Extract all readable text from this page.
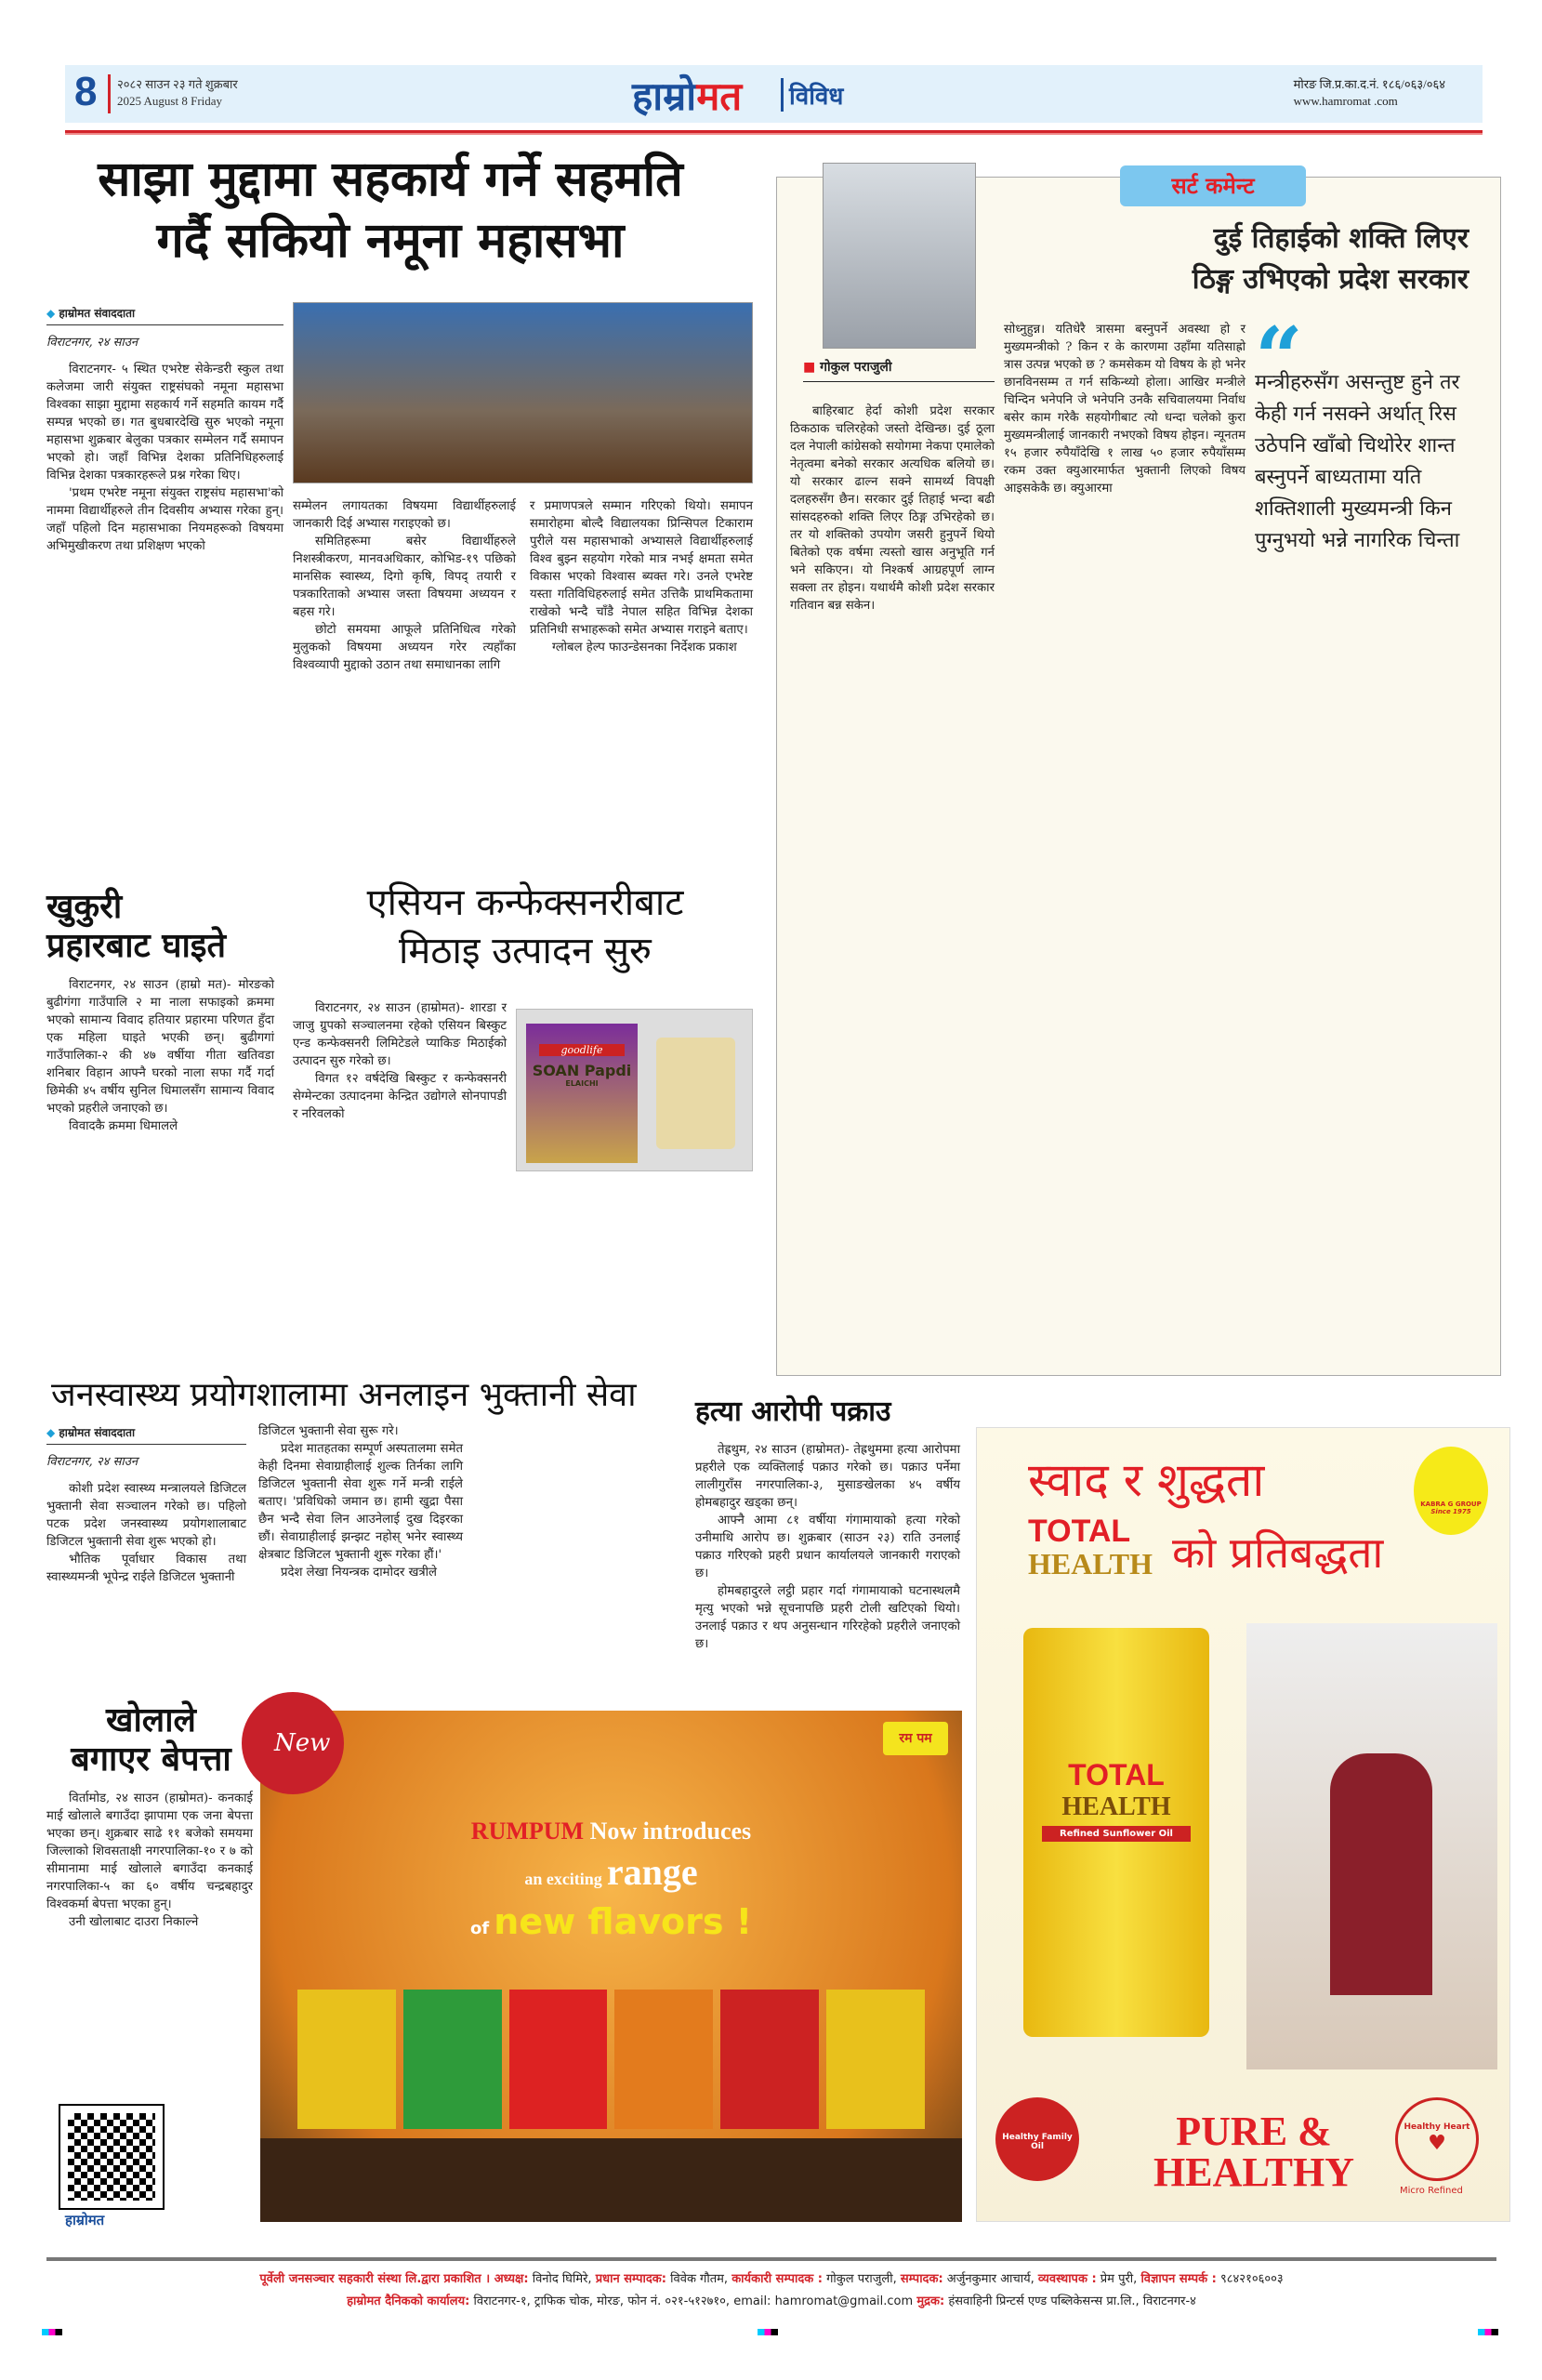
8 २०८२ साउन २३ गते शुक्रबार
2025 August 8 Friday	हाम्रोमत	विविध	मोरङ जि.प्र.का.द.नं. १८६/०६३/०६४
www.hamromat .com
साझा मुद्दामा सहकार्य गर्ने सहमति
गर्दै सकियो नमूना महासभा
◆ हाम्रोमत संवाददाता
विराटनगर, २४ साउन

विराटनगर- ५ स्थित एभरेष्ट सेकेन्डरी स्कुल तथा कलेजमा जारी संयुक्त राष्ट्रसंघको नमूना महासभा विश्वका साझा मुद्दामा सहकार्य गर्ने सहमति कायम गर्दै सम्पन्न भएको छ। गत बुधबारदेखि सुरु भएको नमूना महासभा शुक्रबार बेलुका पत्रकार सम्मेलन गर्दै समापन भएको हो। जहाँ विभिन्न देशका प्रतिनिधिहरुलाई विभिन्न देशका पत्रकारहरूले प्रश्न गरेका थिए।

'प्रथम एभरेष्ट नमूना संयुक्त राष्ट्रसंघ महासभा'को नाममा विद्यार्थीहरुले तीन दिवसीय अभ्यास गरेका हुन्। जहाँ पहिलो दिन महासभाका नियमहरूको विषयमा अभिमुखीकरण तथा प्रशिक्षण भएको

सम्मेलन लगायतका विषयमा विद्यार्थीहरुलाई जानकारी दिई अभ्यास गराइएको छ।

समितिहरूमा बसेर विद्यार्थीहरुले निशस्त्रीकरण, मानवअधिकार, कोभिड-१९ पछिको मानसिक स्वास्थ्य, दिगो कृषि, विपद् तयारी र पत्रकारिताको अभ्यास जस्ता विषयमा अध्ययन र बहस गरे।

छोटो समयमा आफूले प्रतिनिधित्व गरेको मुलुकको विषयमा अध्ययन गरेर त्यहाँका विश्वव्यापी मुद्दाको उठान तथा समाधानका लागि

र प्रमाणपत्रले सम्मान गरिएको थियो। समापन समारोहमा बोल्दै विद्यालयका प्रिन्सिपल टिकाराम पुरीले यस महासभाको अभ्यासले विद्यार्थीहरुलाई विश्व बुझ्न सहयोग गरेको मात्र नभई क्षमता समेत विकास भएको विश्वास ब्यक्त गरे। उनले एभरेष्ट यस्ता गतिविधिहरुलाई समेत उत्तिकै प्राथमिकतामा राखेको भन्दै चाँडै नेपाल सहित विभिन्न देशका प्रतिनिधी सभाहरूको समेत अभ्यास गराइने बताए।

ग्लोबल हेल्प फाउन्डेसनका निर्देशक प्रकाश

खुकुरी
प्रहारबाट घाइते

विराटनगर, २४ साउन (हाम्रो मत)- मोरङको बुढीगंगा गाउँपालि २ मा नाला सफाइको क्रममा भएको सामान्य विवाद हतियार प्रहारमा परिणत हुँदा एक महिला घाइते भएकी छन्। बुढीगगां गाउँपालिका-२ की ४७ वर्षीया गीता खतिवडा शनिबार विहान आफ्नै घरको नाला सफा गर्दै गर्दा छिमेकी ४५ वर्षीय सुनिल धिमालसँग सामान्य विवाद भएको प्रहरीले जनाएको छ।

विवादकै क्रममा धिमालले

एसियन कन्फेक्सनरीबाट
मिठाइ उत्पादन सुरु

विराटनगर, २४ साउन (हाम्रोमत)- शारडा र जाजु ग्रुपको सञ्चालनमा रहेको एसियन बिस्कुट एन्ड कन्फेक्सनरी लिमिटेडले प्याकिङ मिठाईको उत्पादन सुरु गरेको छ।

विगत १२ वर्षदेखि बिस्कुट र कन्फेक्सनरी सेग्मेन्टका उत्पादनमा केन्द्रित उद्योगले सोनपापडी र नरिवलको

goodlife
SOAN Papdi
ELAICHI
सर्ट कमेन्ट
दुई तिहाईको शक्ति लिएर
ठिङ्ग उभिएको प्रदेश सरकार
■ गोकुल पराजुली

बाहिरबाट हेर्दा कोशी प्रदेश सरकार ठिकठाक चलिरहेको जस्तो देखिन्छ। दुई ठूला दल नेपाली कांग्रेसको सयोगमा नेकपा एमालेको नेतृत्वमा बनेको सरकार अत्यधिक बलियो छ। यो सरकार ढाल्न सक्ने सामर्थ्य विपक्षी दलहरुसँग छैन। सरकार दुई तिहाई भन्दा बढी सांसदहरुको शक्ति लिएर ठिङ्ग उभिरहेको छ। तर यो शक्तिको उपयोग जसरी हुनुपर्ने थियो बितेको एक वर्षमा त्यस्तो खास अनुभूति गर्न भने सकिएन। यो निश्कर्ष आग्रहपूर्ण लाग्न सक्ला तर होइन। यथार्थमै कोशी प्रदेश सरकार गतिवान बन्न सकेन।

सोध्नुहुन्न। यतिधेरै त्रासमा बस्नुपर्ने अवस्था हो र मुख्यमन्त्रीको ? किन र के कारणमा उहाँमा यतिसाह्रो त्रास उत्पन्न भएको छ ? कमसेकम यो विषय के हो भनेर छानविनसम्म त गर्न सकिन्थ्यो होला। आखिर मन्त्रीले चिन्दिन भनेपनि जे भनेपनि उनकै सचिवालयमा निर्वाध बसेर काम गरेकै सहयोगीबाट त्यो धन्दा चलेको कुरा मुख्यमन्त्रीलाई जानकारी नभएको विषय होइन। न्यूनतम १५ हजार रुपैयाँदेखि १ लाख ५० हजार रुपैयाँसम्म रकम उक्त क्युआरमार्फत भुक्तानी लिएको विषय आइसकेकै छ। क्युआरमा

“
मन्त्रीहरुसँग असन्तुष्ट हुने तर केही गर्न नसक्ने अर्थात् रिस उठेपनि खाँबो चिथोरेर शान्त बस्नुपर्ने बाध्यतामा यति शक्तिशाली मुख्यमन्त्री किन पुग्नुभयो भन्ने नागरिक चिन्ता
जनस्वास्थ्य प्रयोगशालामा अनलाइन भुक्तानी सेवा
◆ हाम्रोमत संवाददाता
विराटनगर, २४ साउन

कोशी प्रदेश स्वास्थ्य मन्त्रालयले डिजिटल भुक्तानी सेवा सञ्चालन गरेको छ। पहिलो पटक प्रदेश जनस्वास्थ्य प्रयोगशालाबाट डिजिटल भुक्तानी सेवा शुरू भएको हो।

भौतिक पूर्वाधार विकास तथा स्वास्थ्यमन्त्री भूपेन्द्र राईले डिजिटल भुक्तानी

डिजिटल भुक्तानी सेवा सुरू गरे।

प्रदेश मातहतका सम्पूर्ण अस्पतालमा समेत केही दिनमा सेवाग्राहीलाई शुल्क तिर्नका लागि डिजिटल भुक्तानी सेवा शुरू गर्ने मन्त्री राईले बताए। 'प्रविधिको जमान छ। हामी खुद्रा पैसा छैन भन्दै सेवा लिन आउनेलाई दुख दिइरका छौं। सेवाग्राहीलाई झन्झट नहोस् भनेर स्वास्थ्य क्षेत्रबाट डिजिटल भुक्तानी शुरू गरेका हौं।'

प्रदेश लेखा नियन्त्रक दामोदर खत्रीले

हत्या आरोपी पक्राउ

तेह्रथुम, २४ साउन (हाम्रोमत)- तेह्रथुममा हत्या आरोपमा प्रहरीले एक व्यक्तिलाई पक्राउ गरेको छ। पक्राउ पर्नेमा लालीगुराँस नगरपालिका-३, मुसाङखेलका ४५ वर्षीय होमबहादुर खड्का छन्।

आफ्नै आमा ८१ वर्षीया गंगामायाको हत्या गरेको उनीमाथि आरोप छ। शुक्रबार (साउन २३) राति उनलाई पक्राउ गरिएको प्रहरी प्रधान कार्यालयले जानकारी गराएको छ।

होमबहादुरले लट्ठी प्रहार गर्दा गंगामायाको घटनास्थलमै मृत्यु भएको भन्ने सूचनापछि प्रहरी टोली खटिएको थियो। उनलाई पक्राउ र थप अनुसन्धान गरिरहेको प्रहरीले जनाएको छ।

खोलाले
बगाएर बेपत्ता

विर्तामोड, २४ साउन (हाम्रोमत)- कनकाई माई खोलाले बगाउँदा झापामा एक जना बेपत्ता भएका छन्। शुक्रबार साढे ११ बजेको समयमा जिल्लाको शिवसताक्षी नगरपालिका-१० र ७ को सीमानामा माई खोलाले बगाउँदा कनकाई नगरपालिका-५ का ६० वर्षीय चन्द्रबहादुर विश्वकर्मा बेपत्ता भएका हुन्।

उनी खोलाबाट दाउरा निकाल्ने

हाम्रोमत
New	रम पम
RUMPUM Now introduces
an exciting range
of new flavors !
स्वाद र शुद्धता
TOTAL
HEALTH को प्रतिबद्धता
KABRA G GROUP
Since 1975
TOTAL
HEALTH
Refined Sunflower Oil
Healthy Family Oil	PURE &
HEALTHY
Healthy Heart
♥
Micro Refined
पूर्वेली जनसञ्चार सहकारी संस्था लि.द्वारा प्रकाशित । अध्यक्ष: विनोद घिमिरे, प्रधान सम्पादक: विवेक गौतम, कार्यकारी सम्पादक : गोकुल पराजुली, सम्पादक: अर्जुनकुमार आचार्य, व्यवस्थापक : प्रेम पुरी, विज्ञापन सम्पर्क : ९८४२१०६००३
हाम्रोमत दैनिकको कार्यालय: विराटनगर-१, ट्राफिक चोक, मोरङ, फोन नं. ०२१-५१२७१०, email: hamromat@gmail.com मुद्रक: हंसवाहिनी प्रिन्टर्स एण्ड पब्लिकेसन्स प्रा.लि., विराटनगर-४
